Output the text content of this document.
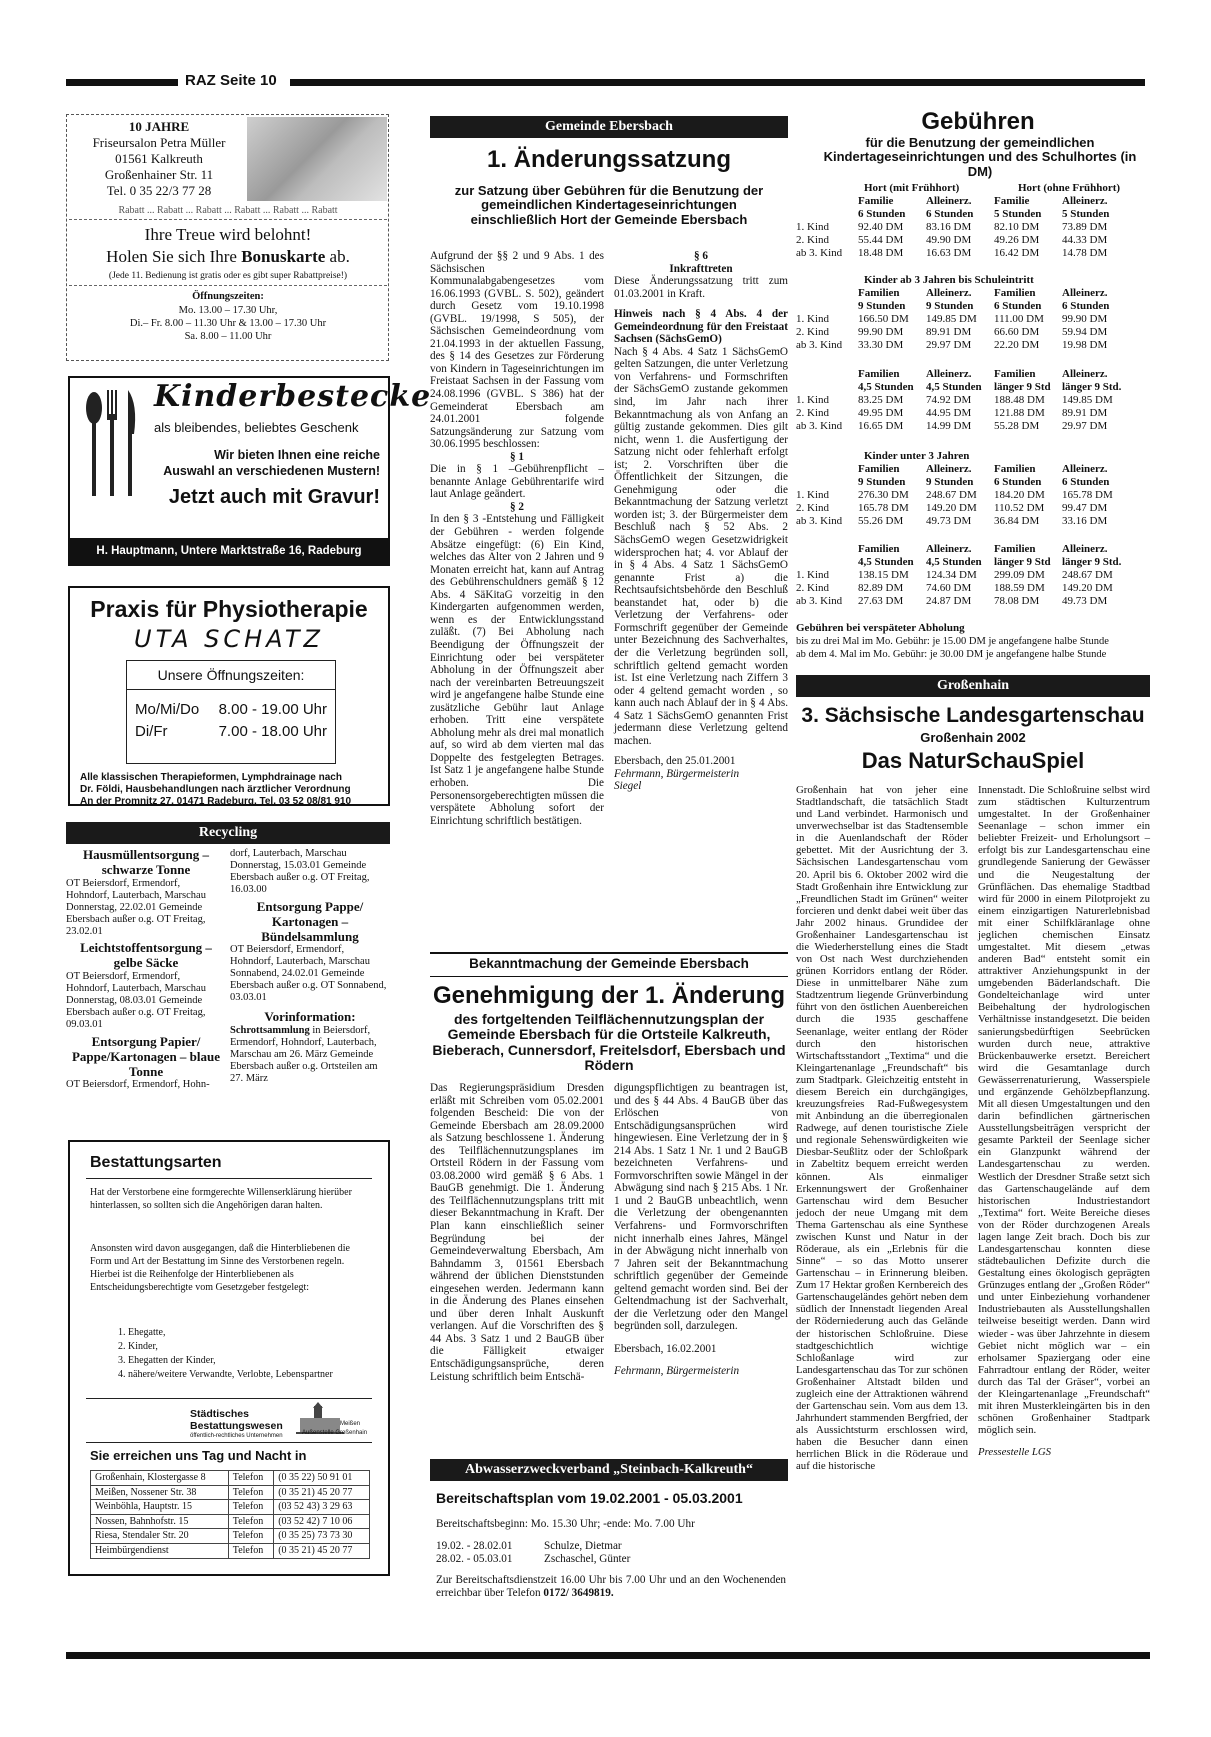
RAZ Seite 10
10 JAHRE
Friseursalon Petra Müller
01561 Kalkreuth
Großenhainer Str. 11
Tel. 0 35 22/3 77 28
Rabatt ... Rabatt ... Rabatt ... Rabatt ... Rabatt ... Rabatt
Ihre Treue wird belohnt!
Holen Sie sich Ihre Bonuskarte ab.
(Jede 11. Bedienung ist gratis oder es gibt super Rabattpreise!)
Öffnungszeiten:
Mo. 13.00 – 17.30 Uhr,
Di.– Fr. 8.00 – 11.30 Uhr & 13.00 – 17.30 Uhr
Sa. 8.00 – 11.00 Uhr
Kinderbestecke
als bleibendes, beliebtes Geschenk
Wir bieten Ihnen eine reiche
Auswahl an verschiedenen Mustern!
Jetzt auch mit Gravur!
H. Hauptmann, Untere Marktstraße 16, Radeburg
Praxis für Physiotherapie
UTA SCHATZ
Unsere Öffnungszeiten:
Mo/Mi/Do 8.00 - 19.00 Uhr
Di/Fr	7.00 - 18.00 Uhr
Alle klassischen Therapieformen, Lymphdrainage nach
Dr. Földi, Hausbehandlungen nach ärztlicher Verordnung
An der Promnitz 27, 01471 Radeburg, Tel. 03 52 08/81 910
Recycling

Hausmüllentsorgung – schwarze Tonne

OT Beiersdorf, Ermendorf, Hohndorf, Lauterbach, Marschau Donnerstag, 22.02.01 Gemeinde Ebersbach außer o.g. OT Freitag, 23.02.01

Leichtstoffentsorgung – gelbe Säcke

OT Beiersdorf, Ermendorf, Hohndorf, Lauterbach, Marschau Donnerstag, 08.03.01 Gemeinde Ebersbach außer o.g. OT Freitag, 09.03.01

Entsorgung Papier/ Pappe/Kartonagen – blaue Tonne

OT Beiersdorf, Ermendorf, Hohn-

dorf, Lauterbach, Marschau Donnerstag, 15.03.01 Gemeinde Ebersbach außer o.g. OT Freitag, 16.03.00

Entsorgung Pappe/ Kartonagen – Bündelsammlung

OT Beiersdorf, Ermendorf, Hohndorf, Lauterbach, Marschau Sonnabend, 24.02.01 Gemeinde Ebersbach außer o.g. OT Sonnabend, 03.03.01

Vorinformation:

Schrottsammlung in Beiersdorf, Ermendorf, Hohndorf, Lauterbach, Marschau am 26. März Gemeinde Ebersbach außer o.g. Ortsteilen am 27. März

Bestattungsarten
Hat der Verstorbene eine formgerechte Willenserklärung hierüber hinterlassen, so sollten sich die Angehörigen daran halten.
Ansonsten wird davon ausgegangen, daß die Hinterbliebenen die Form und Art der Bestattung im Sinne des Verstorbenen regeln. Hierbei ist die Reihenfolge der Hinterbliebenen als Entscheidungsberechtigte vom Gesetzgeber festgelegt:
1. Ehegatte,
2. Kinder,
3. Ehegatten der Kinder,
4. nähere/weitere Verwandte, Verlobte, Lebenspartner
Städtisches
Bestattungswesen
öffentlich-rechtliches Unternehmen
Meißen
Außenstelle Großenhain
Sie erreichen uns Tag und Nacht in
Großenhain, Klostergasse 8	Telefon	(0 35 22) 50 91 01
Meißen, Nossener Str. 38	Telefon	(0 35 21) 45 20 77
Weinböhla, Hauptstr. 15	Telefon	(03 52 43) 3 29 63
Nossen, Bahnhofstr. 15	Telefon	(03 52 42) 7 10 06
Riesa, Stendaler Str. 20	Telefon	(0 35 25) 73 73 30
Heimbürgendienst	Telefon	(0 35 21) 45 20 77
Gemeinde Ebersbach
1. Änderungssatzung
zur Satzung über Gebühren für die Benutzung der gemeindlichen Kindertageseinrichtungen einschließlich Hort der Gemeinde Ebersbach

Aufgrund der §§ 2 und 9 Abs. 1 des Sächsischen Kommunalabgabengesetzes vom 16.06.1993 (GVBL. S. 502), geändert durch Gesetz vom 19.10.1998 (GVBL. 19/1998, S 505), der Sächsischen Gemeindeordnung vom 21.04.1993 in der aktuellen Fassung, des § 14 des Gesetzes zur Förderung von Kindern in Tageseinrichtungen im Freistaat Sachsen in der Fassung vom 24.08.1996 (GVBL. S 386) hat der Gemeinderat Ebersbach am 24.01.2001 folgende Satzungsänderung zur Satzung vom 30.06.1995 beschlossen:

§ 1

Die in § 1 –Gebührenpflicht – benannte Anlage Gebührentarife wird laut Anlage geändert.

§ 2

In den § 3 -Entstehung und Fälligkeit der Gebühren - werden folgende Absätze eingefügt: (6) Ein Kind, welches das Alter von 2 Jahren und 9 Monaten erreicht hat, kann auf Antrag des Gebührenschuldners gemäß § 12 Abs. 4 SäKitaG vorzeitig in den Kindergarten aufgenommen werden, wenn es der Entwicklungsstand zuläßt. (7) Bei Abholung nach Beendigung der Öffnungszeit der Einrichtung oder bei verspäteter Abholung in der Öffnungszeit aber nach der vereinbarten Betreuungszeit wird je angefangene halbe Stunde eine zusätzliche Gebühr laut Anlage erhoben. Tritt eine verspätete Abholung mehr als drei mal monatlich auf, so wird ab dem vierten mal das Doppelte des festgelegten Betrages. Ist Satz 1 je angefangene halbe Stunde erhoben. Die Personensorgeberechtigten müssen die verspätete Abholung sofort der Einrichtung schriftlich bestätigen.

§ 6

Inkrafttreten

Diese Änderungssatzung tritt zum 01.03.2001 in Kraft.

Hinweis nach § 4 Abs. 4 der Gemeindeordnung für den Freistaat Sachsen (SächsGemO)

Nach § 4 Abs. 4 Satz 1 SächsGemO gelten Satzungen, die unter Verletzung von Verfahrens- und Formschriften der SächsGemO zustande gekommen sind, im Jahr nach ihrer Bekanntmachung als von Anfang an gültig zustande gekommen. Dies gilt nicht, wenn 1. die Ausfertigung der Satzung nicht oder fehlerhaft erfolgt ist; 2. Vorschriften über die Öffentlichkeit der Sitzungen, die Genehmigung oder die Bekanntmachung der Satzung verletzt worden ist; 3. der Bürgermeister dem Beschluß nach § 52 Abs. 2 SächsGemO wegen Gesetzwidrigkeit widersprochen hat; 4. vor Ablauf der in § 4 Abs. 4 Satz 1 SächsGemO genannte Frist a) die Rechtsaufsichtsbehörde den Beschluß beanstandet hat, oder b) die Verletzung der Verfahrens- oder Formschrift gegenüber der Gemeinde unter Bezeichnung des Sachverhaltes, der die Verletzung begründen soll, schriftlich geltend gemacht worden ist. Ist eine Verletzung nach Ziffern 3 oder 4 geltend gemacht worden , so kann auch nach Ablauf der in § 4 Abs. 4 Satz 1 SächsGemO genannten Frist jedermann diese Verletzung geltend machen.

Ebersbach, den 25.01.2001

Fehrmann, Bürgermeisterin

Siegel

Bekanntmachung der Gemeinde Ebersbach
Genehmigung der 1. Änderung
des fortgeltenden Teilflächennutzungsplan der Gemeinde Ebersbach für die Ortsteile Kalkreuth, Bieberach, Cunnersdorf, Freitelsdorf, Ebersbach und Rödern

Das Regierungspräsidium Dresden erläßt mit Schreiben vom 05.02.2001 folgenden Bescheid: Die von der Gemeinde Ebersbach am 28.09.2000 als Satzung beschlossene 1. Änderung des Teilflächennutzungsplanes im Ortsteil Rödern in der Fassung vom 03.08.2000 wird gemäß § 6 Abs. 1 BauGB genehmigt. Die 1. Änderung des Teilflächennutzungsplans tritt mit dieser Bekanntmachung in Kraft. Der Plan kann einschließlich seiner Begründung bei der Gemeindeverwaltung Ebersbach, Am Bahndamm 3, 01561 Ebersbach während der üblichen Dienststunden eingesehen werden. Jedermann kann in die Änderung des Planes einsehen und über deren Inhalt Auskunft verlangen. Auf die Vorschriften des § 44 Abs. 3 Satz 1 und 2 BauGB über die Fälligkeit etwaiger Entschädigungsansprüche, deren Leistung schriftlich beim Entschä-

digungspflichtigen zu beantragen ist, und des § 44 Abs. 4 BauGB über das Erlöschen von Entschädigungsansprüchen wird hingewiesen. Eine Verletzung der in § 214 Abs. 1 Satz 1 Nr. 1 und 2 BauGB bezeichneten Verfahrens- und Formvorschriften sowie Mängel in der Abwägung sind nach § 215 Abs. 1 Nr. 1 und 2 BauGB unbeachtlich, wenn die Verletzung der obengenannten Verfahrens- und Formvorschriften nicht innerhalb eines Jahres, Mängel in der Abwägung nicht innerhalb von 7 Jahren seit der Bekanntmachung schriftlich gegenüber der Gemeinde geltend gemacht worden sind. Bei der Geltendmachung ist der Sachverhalt, der die Verletzung oder den Mangel begründen soll, darzulegen.

Ebersbach, 16.02.2001

Fehrmann, Bürgermeisterin

Abwasserzweckverband „Steinbach-Kalkreuth“
Bereitschaftsplan vom 19.02.2001 - 05.03.2001
Bereitschaftsbeginn: Mo. 15.30 Uhr; -ende: Mo. 7.00 Uhr
19.02. - 28.02.01	Schulze, Dietmar
28.02. - 05.03.01	Zschaschel, Günter
Zur Bereitschaftsdienstzeit 16.00 Uhr bis 7.00 Uhr und an den Wochenenden erreichbar über Telefon 0172/ 3649819.
Gebühren
für die Benutzung der gemeindlichen Kindertageseinrichtungen und des Schulhortes (in DM)
Hort (mit Frühhort)	Hort (ohne Frühhort)
	Familie	Alleinerz.	Familie	Alleinerz.
	6 Stunden	6 Stunden	5 Stunden	5 Stunden
1. Kind	92.40 DM	83.16 DM	82.10 DM	73.89 DM
2. Kind	55.44 DM	49.90 DM	49.26 DM	44.33 DM
ab 3. Kind	18.48 DM	16.63 DM	16.42 DM	14.78 DM
Kinder ab 3 Jahren bis Schuleintritt
	Familien	Alleinerz.	Familien	Alleinerz.
	9 Stunden	9 Stunden	6 Stunden	6 Stunden
1. Kind	166.50 DM	149.85 DM	111.00 DM	99.90 DM
2. Kind	99.90 DM	89.91 DM	66.60 DM	59.94 DM
ab 3. Kind	33.30 DM	29.97 DM	22.20 DM	19.98 DM
	Familien	Alleinerz.	Familien	Alleinerz.
	4,5 Stunden	4,5 Stunden	länger 9 Std	länger 9 Std.
1. Kind	83.25 DM	74.92 DM	188.48 DM	149.85 DM
2. Kind	49.95 DM	44.95 DM	121.88 DM	89.91 DM
ab 3. Kind	16.65 DM	14.99 DM	55.28 DM	29.97 DM
Kinder unter 3 Jahren
	Familien	Alleinerz.	Familien	Alleinerz.
	9 Stunden	9 Stunden	6 Stunden	6 Stunden
1. Kind	276.30 DM	248.67 DM	184.20 DM	165.78 DM
2. Kind	165.78 DM	149.20 DM	110.52 DM	99.47 DM
ab 3. Kind	55.26 DM	49.73 DM	36.84 DM	33.16 DM
	Familien	Alleinerz.	Familien	Alleinerz.
	4,5 Stunden	4,5 Stunden	länger 9 Std	länger 9 Std.
1. Kind	138.15 DM	124.34 DM	299.09 DM	248.67 DM
2. Kind	82.89 DM	74.60 DM	188.59 DM	149.20 DM
ab 3. Kind	27.63 DM	24.87 DM	78.08 DM	49.73 DM
Gebühren bei verspäteter Abholung
bis zu drei Mal im Mo. Gebühr: je 15.00 DM je angefangene halbe Stunde
ab dem 4. Mal im Mo. Gebühr: je 30.00 DM je angefangene halbe Stunde
Großenhain
3. Sächsische Landesgartenschau
Großenhain 2002
Das NaturSchauSpiel

Großenhain hat von jeher eine Stadtlandschaft, die tatsächlich Stadt und Land verbindet. Harmonisch und unverwechselbar ist das Stadtensemble in die Auenlandschaft der Röder gebettet. Mit der Ausrichtung der 3. Sächsischen Landesgartenschau vom 20. April bis 6. Oktober 2002 wird die Stadt Großenhain ihre Entwicklung zur „Freundlichen Stadt im Grünen“ weiter forcieren und denkt dabei weit über das Jahr 2002 hinaus. Grundidee der Großenhainer Landesgartenschau ist die Wiederherstellung eines die Stadt von Ost nach West durchziehenden grünen Korridors entlang der Röder. Diese in unmittelbarer Nähe zum Stadtzentrum liegende Grünverbindung führt von den östlichen Auenbereichen durch die 1935 geschaffene Seenanlage, weiter entlang der Röder durch den historischen Wirtschaftsstandort „Textima“ und die Kleingartenanlage „Freundschaft“ bis zum Stadtpark. Gleichzeitig entsteht in diesem Bereich ein durchgängiges, kreuzungsfreies Rad-Fußwegesystem mit Anbindung an die überregionalen Radwege, auf denen touristische Ziele und regionale Sehenswürdigkeiten wie Diesbar-Seußlitz oder der Schloßpark in Zabeltitz bequem erreicht werden können. Als einmaliger Erkennungswert der Großenhainer Gartenschau wird dem Besucher jedoch der neue Umgang mit dem Thema Gartenschau als eine Synthese zwischen Kunst und Natur in der Röderaue, als ein „Erlebnis für die Sinne“ – so das Motto unserer Gartenschau – in Erinnerung bleiben. Zum 17 Hektar großen Kernbereich des Gartenschaugeländes gehört neben dem südlich der Innenstadt liegenden Areal der Röderniederung auch das Gelände der historischen Schloßruine. Diese stadtgeschichtlich wichtige Schloßanlage wird zur Landesgartenschau das Tor zur schönen Großenhainer Altstadt bilden und zugleich eine der Attraktionen während der Gartenschau sein. Vom aus dem 13. Jahrhundert stammenden Bergfried, der als Aussichtsturm erschlossen wird, haben die Besucher dann einen herrlichen Blick in die Röderaue und auf die historische

Innenstadt. Die Schloßruine selbst wird zum städtischen Kulturzentrum umgestaltet. In der Großenhainer Seenanlage – schon immer ein beliebter Freizeit- und Erholungsort – erfolgt bis zur Landesgartenschau eine grundlegende Sanierung der Gewässer und die Neugestaltung der Grünflächen. Das ehemalige Stadtbad wird für 2000 in einem Pilotprojekt zu einem einzigartigen Naturerlebnisbad mit einer Schilfkläranlage ohne jeglichen chemischen Einsatz umgestaltet. Mit diesem „etwas anderen Bad“ entsteht somit ein attraktiver Anziehungspunkt in der umgebenden Bäderlandschaft. Die Gondelteichanlage wird unter Beibehaltung der hydrologischen Verhältnisse instandgesetzt. Die beiden sanierungsbedürftigen Seebrücken wurden durch neue, attraktive Brückenbauwerke ersetzt. Bereichert wird die Gesamtanlage durch Gewässerrenaturierung, Wasserspiele und ergänzende Gehölzbepflanzung. Mit all diesen Umgestaltungen und den darin befindlichen gärtnerischen Ausstellungsbeiträgen verspricht der gesamte Parkteil der Seenlage sicher ein Glanzpunkt während der Landesgartenschau zu werden. Westlich der Dresdner Straße setzt sich das Gartenschaugelände auf dem historischen Industriestandort „Textima“ fort. Weite Bereiche dieses von der Röder durchzogenen Areals lagen lange Zeit brach. Doch bis zur Landesgartenschau konnten diese städtebaulichen Defizite durch die Gestaltung eines ökologisch geprägten Grünzuges entlang der „Großen Röder“ und unter Einbeziehung vorhandener Industriebauten als Ausstellungshallen teilweise beseitigt werden. Dann wird wieder - was über Jahrzehnte in diesem Gebiet nicht möglich war – ein erholsamer Spaziergang oder eine Fahrradtour entlang der Röder, weiter durch das Tal der Gräser“, vorbei an der Kleingartenanlage „Freundschaft“ mit ihren Musterkleingärten bis in den schönen Großenhainer Stadtpark möglich sein.

Pressestelle LGS
